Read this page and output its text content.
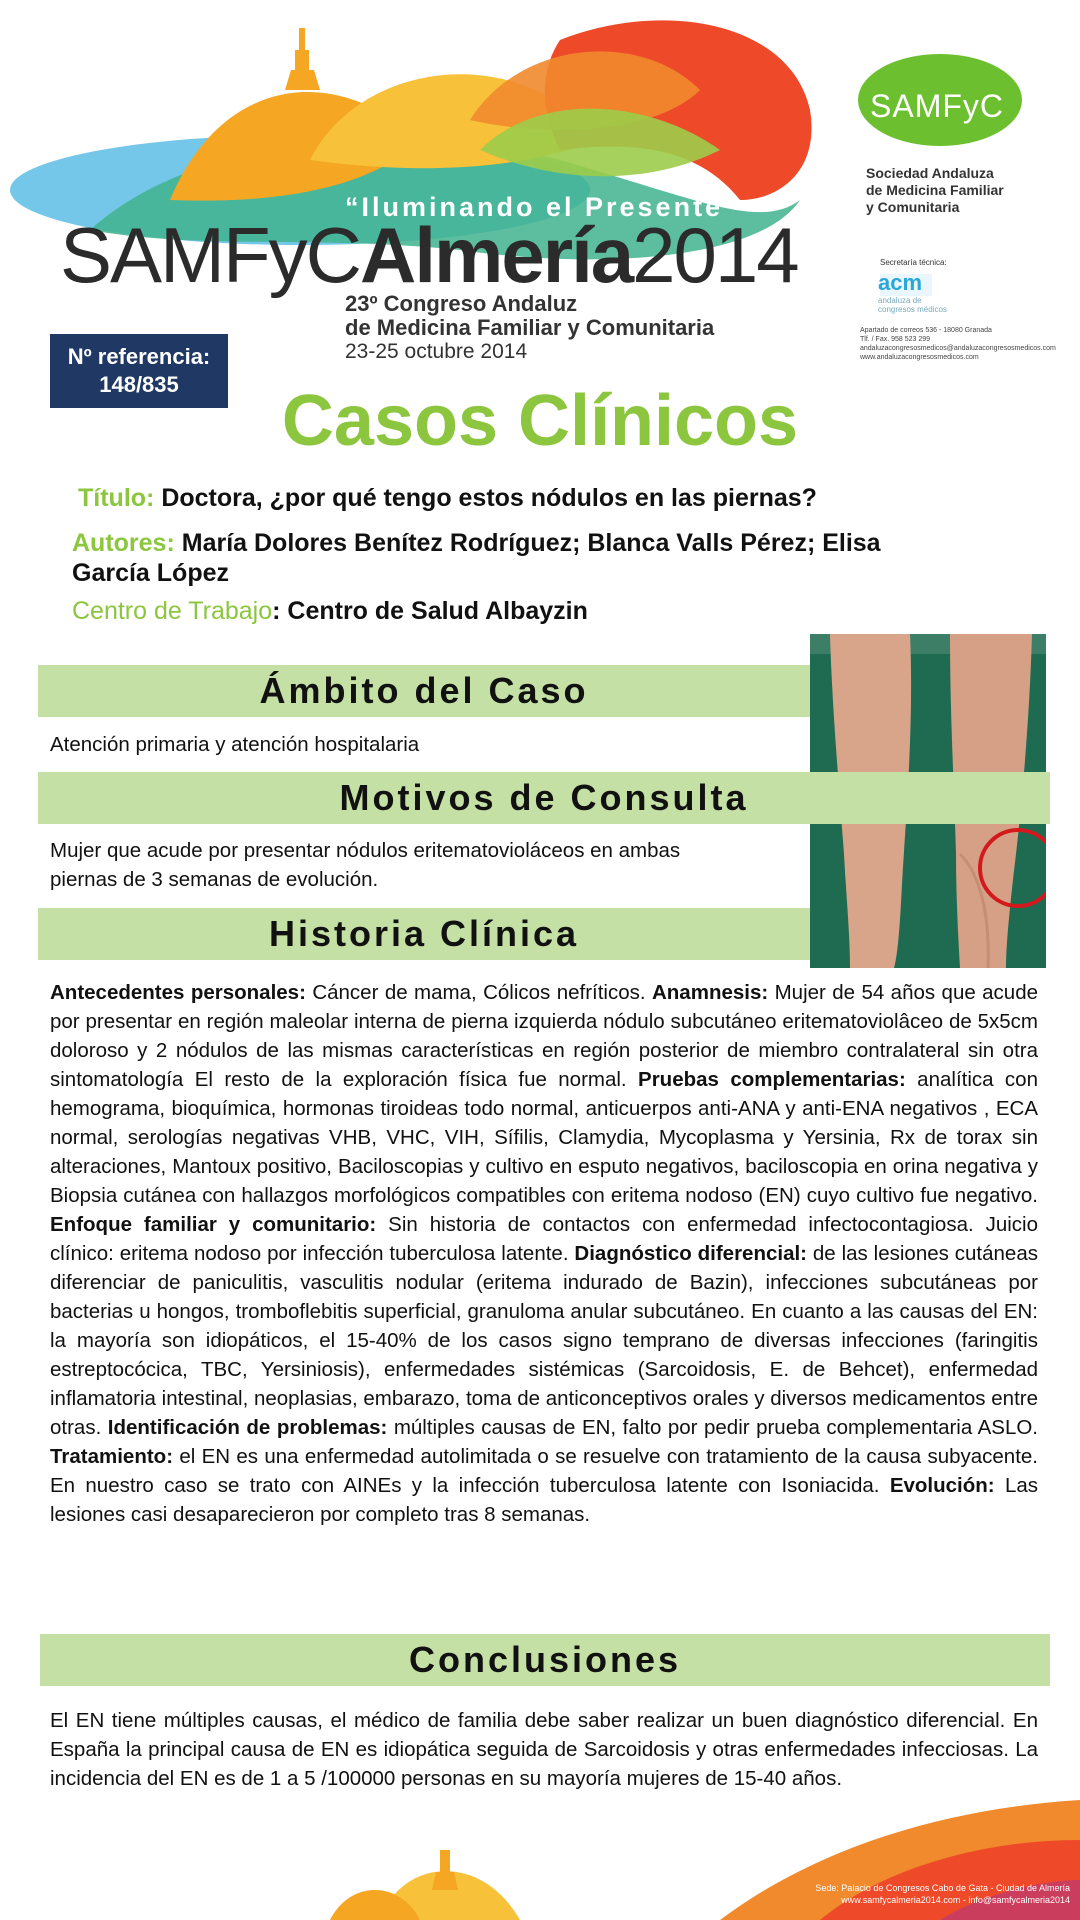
“Iluminando el Presente”
SAMFyCAlmería2014
23º Congreso Andaluz
de Medicina Familiar y Comunitaria
23-25 octubre 2014
SAMFyC
Sociedad Andaluza
de Medicina Familiar
y Comunitaria
Secretaría técnica:
acm
andaluza de
congresos médicos
Apartado de correos 536 - 18080 Granada
Tlf. / Fax. 958 523 299
andaluzacongresosmedicos@andaluzacongresosmedicos.com
www.andaluzacongresosmedicos.com
Nº referencia:
148/835	Casos Clínicos
Título: Doctora, ¿por qué tengo estos nódulos en las piernas?
Autores: María Dolores Benítez Rodríguez; Blanca Valls Pérez; Elisa
García López
Centro de Trabajo: Centro de Salud Albayzin
Ámbito del Caso
Atención primaria y atención hospitalaria
Motivos de Consulta
Mujer que acude por presentar nódulos eritematovioláceos en ambas
piernas de 3 semanas de evolución.
Historia Clínica
Antecedentes personales: Cáncer de mama, Cólicos nefríticos. Anamnesis: Mujer de 54 años que acude por presentar en región maleolar interna de pierna izquierda nódulo subcutáneo eritematoviolâceo de 5x5cm doloroso y 2 nódulos de las mismas características en región posterior de miembro contralateral sin otra sintomatología El resto de la exploración física fue normal. Pruebas complementarias: analítica con hemograma, bioquímica, hormonas tiroideas todo normal, anticuerpos anti-ANA y anti-ENA negativos , ECA normal, serologías negativas VHB, VHC, VIH, Sífilis, Clamydia, Mycoplasma y Yersinia, Rx de torax sin alteraciones, Mantoux positivo, Baciloscopias y cultivo en esputo negativos, baciloscopia en orina negativa y Biopsia cutánea con hallazgos morfológicos compatibles con eritema nodoso (EN) cuyo cultivo fue negativo. Enfoque familiar y comunitario: Sin historia de contactos con enfermedad infectocontagiosa. Juicio clínico: eritema nodoso por infección tuberculosa latente. Diagnóstico diferencial: de las lesiones cutáneas diferenciar de paniculitis, vasculitis nodular (eritema indurado de Bazin), infecciones subcutáneas por bacterias u hongos, tromboflebitis superficial, granuloma anular subcutáneo. En cuanto a las causas del EN: la mayoría son idiopáticos, el 15-40% de los casos signo temprano de diversas infecciones (faringitis estreptocócica, TBC, Yersiniosis), enfermedades sistémicas (Sarcoidosis, E. de Behcet), enfermedad inflamatoria intestinal, neoplasias, embarazo, toma de anticonceptivos orales y diversos medicamentos entre otras. Identificación de problemas: múltiples causas de EN, falto por pedir prueba complementaria ASLO. Tratamiento: el EN es una enfermedad autolimitada o se resuelve con tratamiento de la causa subyacente. En nuestro caso se trato con AINEs y la infección tuberculosa latente con Isoniacida. Evolución: Las lesiones casi desaparecieron por completo tras 8 semanas.
Conclusiones
El EN tiene múltiples causas, el médico de familia debe saber realizar un buen diagnóstico diferencial. En España la principal causa de EN es idiopática seguida de Sarcoidosis y otras enfermedades infecciosas. La incidencia del EN es de 1 a 5 /100000 personas en su mayoría mujeres de 15-40 años.
Sede: Palacio de Congresos Cabo de Gata - Ciudad de Almería
www.samfycalmeria2014.com - info@samfycalmeria2014
